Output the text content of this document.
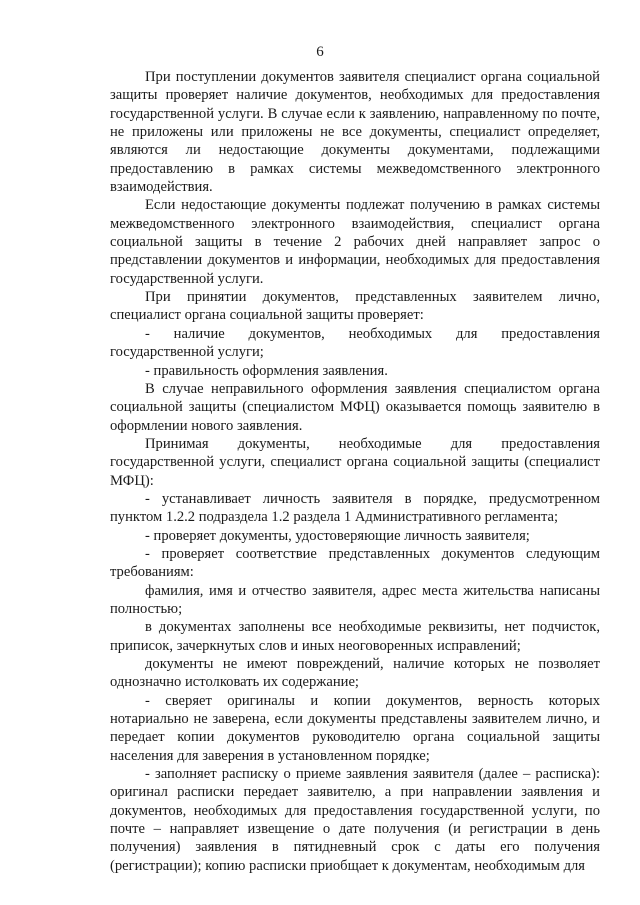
6

При поступлении документов заявителя специалист органа социальной защиты проверяет наличие документов, необходимых для предоставления государственной услуги. В случае если к заявлению, направленному по почте, не приложены или приложены не все документы, специалист определяет, являются ли недостающие документы документами, подлежащими предоставлению в рамках системы межведомственного электронного взаимодействия.

Если недостающие документы подлежат получению в рамках системы межведомственного электронного взаимодействия, специалист органа социальной защиты в течение 2 рабочих дней направляет запрос о представлении документов и информации, необходимых для предоставления государственной услуги.

При принятии документов, представленных заявителем лично, специалист органа социальной защиты проверяет:

- наличие документов, необходимых для предоставления государственной услуги;

- правильность оформления заявления.

В случае неправильного оформления заявления специалистом органа социальной защиты (специалистом МФЦ) оказывается помощь заявителю в оформлении нового заявления.

Принимая документы, необходимые для предоставления государственной услуги, специалист органа социальной защиты (специалист МФЦ):

- устанавливает личность заявителя в порядке, предусмотренном пунктом 1.2.2 подраздела 1.2 раздела 1 Административного регламента;

- проверяет документы, удостоверяющие личность заявителя;

- проверяет соответствие представленных документов следующим требованиям:

фамилия, имя и отчество заявителя, адрес места жительства написаны полностью;

в документах заполнены все необходимые реквизиты, нет подчисток, приписок, зачеркнутых слов и иных неоговоренных исправлений;

документы не имеют повреждений, наличие которых не позволяет однозначно истолковать их содержание;

- сверяет оригиналы и копии документов, верность которых нотариально не заверена, если документы представлены заявителем лично, и передает копии документов руководителю органа социальной защиты населения для заверения в установленном порядке;

- заполняет расписку о приеме заявления заявителя (далее – расписка): оригинал расписки передает заявителю, а при направлении заявления и документов, необходимых для предоставления государственной услуги, по почте – направляет извещение о дате получения (и регистрации в день получения) заявления в пятидневный срок с даты его получения (регистрации); копию расписки приобщает к документам, необходимым для
